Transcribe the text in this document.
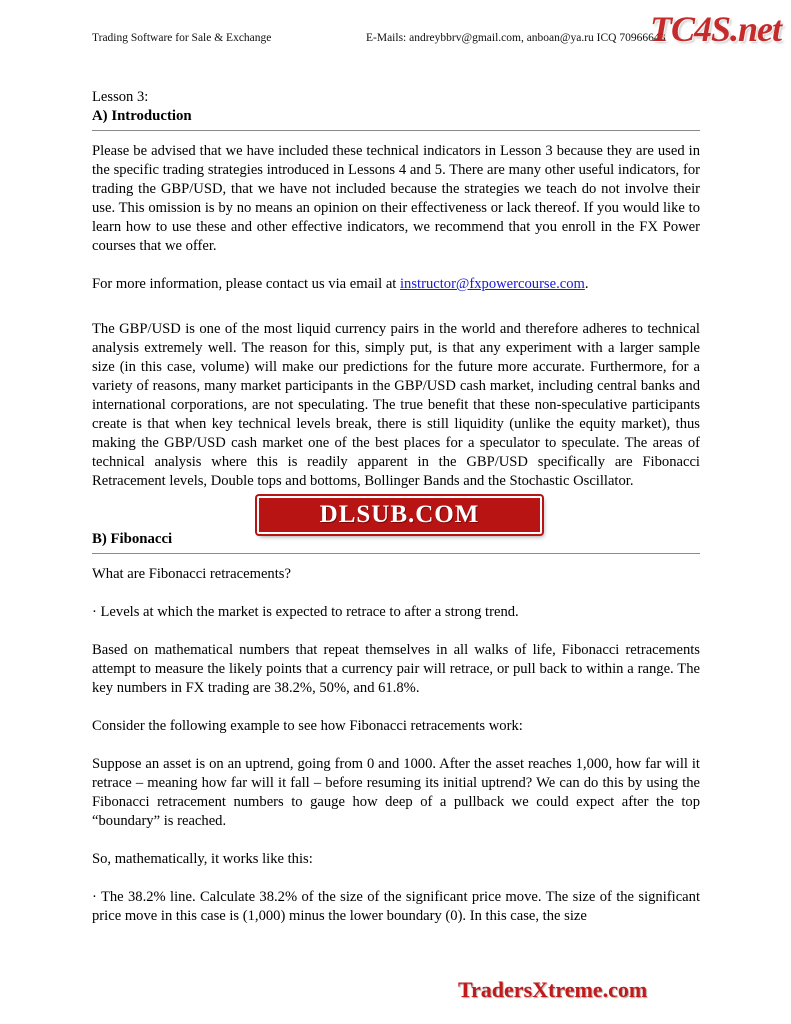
Trading Software for Sale & Exchange	E-Mails: andreybbrv@gmail.com, anboan@ya.ru ICQ 70966643
TC4S.net

Lesson 3:

A) Introduction

Please be advised that we have included these technical indicators in Lesson 3 because they are used in the specific trading strategies introduced in Lessons 4 and 5. There are many other useful indicators, for trading the GBP/USD, that we have not included because the strategies we teach do not involve their use. This omission is by no means an opinion on their effectiveness or lack thereof. If you would like to learn how to use these and other effective indicators, we recommend that you enroll in the FX Power courses that we offer.

For more information, please contact us via email at instructor@fxpowercourse.com.

The GBP/USD is one of the most liquid currency pairs in the world and therefore adheres to technical analysis extremely well. The reason for this, simply put, is that any experiment with a larger sample size (in this case, volume) will make our predictions for the future more accurate. Furthermore, for a variety of reasons, many market participants in the GBP/USD cash market, including central banks and international corporations, are not speculating. The true benefit that these non-speculative participants create is that when key technical levels break, there is still liquidity (unlike the equity market), thus making the GBP/USD cash market one of the best places for a speculator to speculate. The areas of technical analysis where this is readily apparent in the GBP/USD specifically are Fibonacci Retracement levels, Double tops and bottoms, Bollinger Bands and the Stochastic Oscillator.

B) Fibonacci

What are Fibonacci retracements?

· Levels at which the market is expected to retrace to after a strong trend.

Based on mathematical numbers that repeat themselves in all walks of life, Fibonacci retracements attempt to measure the likely points that a currency pair will retrace, or pull back to within a range. The key numbers in FX trading are 38.2%, 50%, and 61.8%.

Consider the following example to see how Fibonacci retracements work:

Suppose an asset is on an uptrend, going from 0 and 1000. After the asset reaches 1,000, how far will it retrace – meaning how far will it fall – before resuming its initial uptrend? We can do this by using the Fibonacci retracement numbers to gauge how deep of a pullback we could expect after the top “boundary” is reached.

So, mathematically, it works like this:

· The 38.2% line. Calculate 38.2% of the size of the significant price move. The size of the significant price move in this case is (1,000) minus the lower boundary (0). In this case, the size

DLSUB.COM
TradersXtreme.com
